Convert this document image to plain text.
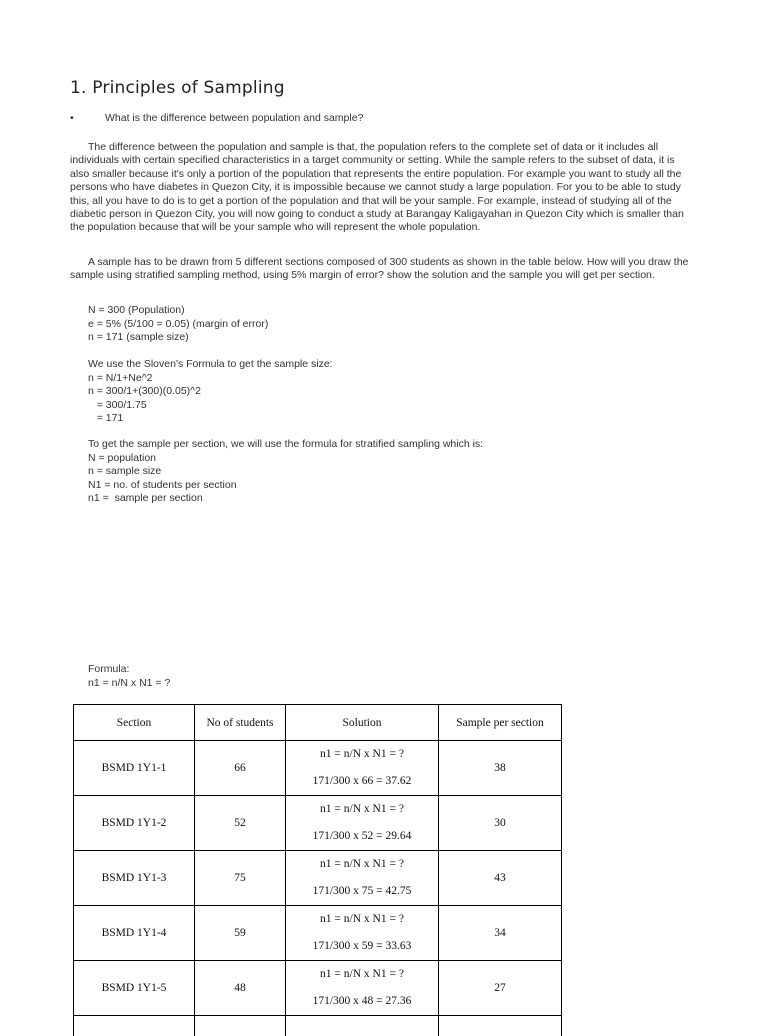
1. Principles of Sampling
•	What is the difference between population and sample?

The difference between the population and sample is that, the population refers to the complete set of data or it includes all individuals with certain specified characteristics in a target community or setting. While the sample refers to the subset of data, it is also smaller because it's only a portion of the population that represents the entire population. For example you want to study all the persons who have diabetes in Quezon City, it is impossible because we cannot study a large population. For you to be able to study this, all you have to do is to get a portion of the population and that will be your sample. For example, instead of studying all of the diabetic person in Quezon City, you will now going to conduct a study at Barangay Kaligayahan in Quezon City which is smaller than the population because that will be your sample who will represent the whole population.

A sample has to be drawn from 5 different sections composed of 300 students as shown in the table below. How will you draw the sample using stratified sampling method, using 5% margin of error? show the solution and the sample you will get per section.

N = 300 (Population)
e = 5% (5/100 = 0.05) (margin of error)
n = 171 (sample size)
We use the Sloven's Formula to get the sample size:
n = N/1+Ne^2
n = 300/1+(300)(0.05)^2
= 300/1.75
= 171
To get the sample per section, we will use the formula for stratified sampling which is:
N = population
n = sample size
N1 = no. of students per section
n1 =  sample per section
Formula:
n1 = n/N x N1 = ?
Section	No of students	Solution	Sample per section
BSMD 1Y1-1	66	n1 = n/N x N1 = ?
171/300 x 66 = 37.62	38
BSMD 1Y1-2	52	n1 = n/N x N1 = ?
171/300 x 52 = 29.64	30
BSMD 1Y1-3	75	n1 = n/N x N1 = ?
171/300 x 75 = 42.75	43
BSMD 1Y1-4	59	n1 = n/N x N1 = ?
171/300 x 59 = 33.63	34
BSMD 1Y1-5	48	n1 = n/N x N1 = ?
171/300 x 48 = 27.36	27
